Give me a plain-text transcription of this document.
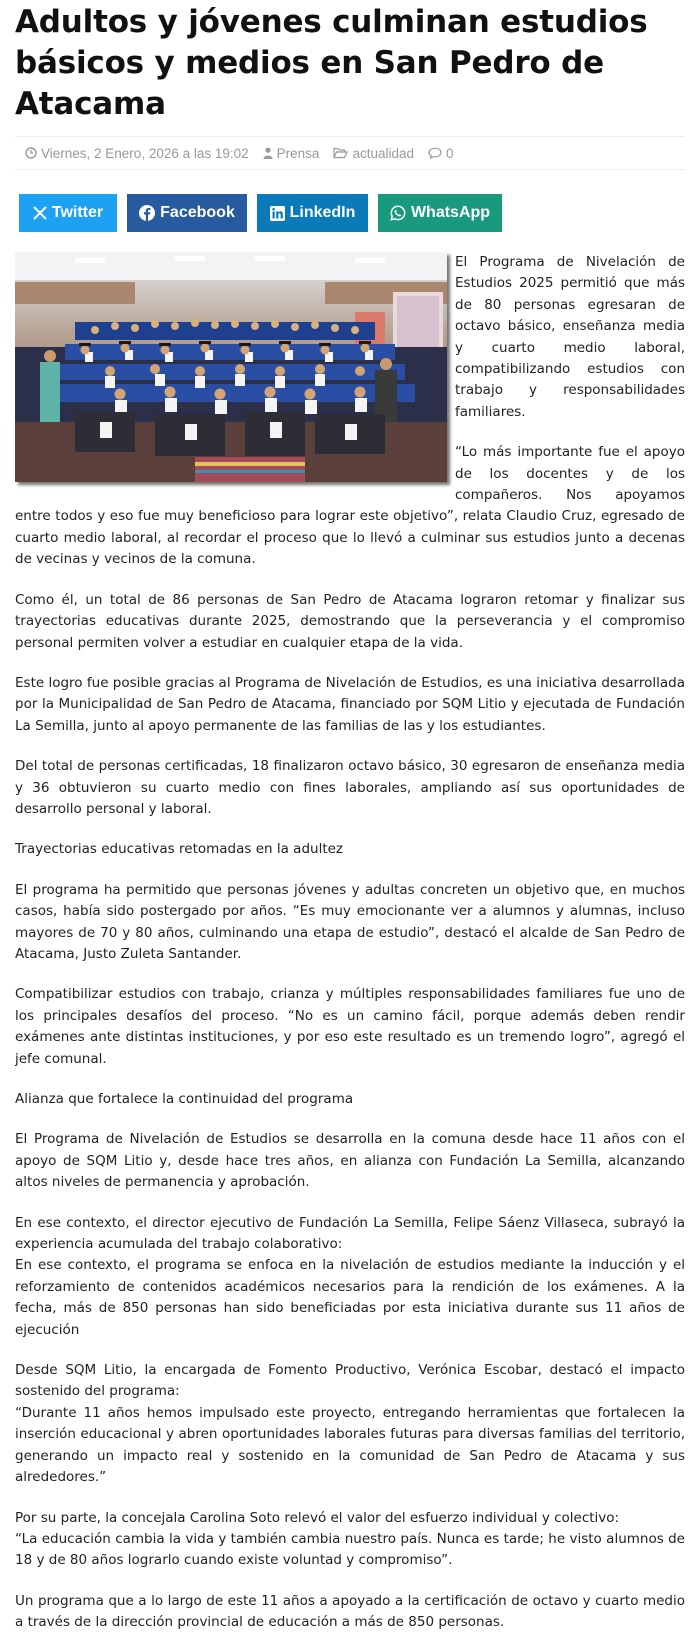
Adultos y jóvenes culminan estudios básicos y medios en San Pedro de Atacama
Viernes, 2 Enero, 2026 a las 19:02 Prensa actualidad 0
Twitter	Facebook	LinkedIn	WhatsApp

El Programa de Nivelación de Estudios 2025 permitió que más de 80 personas egresaran de octavo básico, enseñanza media y cuarto medio laboral, compatibilizando estudios con trabajo y responsabilidades familiares.

“Lo más importante fue el apoyo de los docentes y de los compañeros. Nos apoyamos entre todos y eso fue muy beneficioso para lograr este objetivo”, relata Claudio Cruz, egresado de cuarto medio laboral, al recordar el proceso que lo llevó a culminar sus estudios junto a decenas de vecinas y vecinos de la comuna.

Como él, un total de 86 personas de San Pedro de Atacama lograron retomar y finalizar sus trayectorias educativas durante 2025, demostrando que la perseverancia y el compromiso personal permiten volver a estudiar en cualquier etapa de la vida.

Este logro fue posible gracias al Programa de Nivelación de Estudios, es una iniciativa desarrollada por la Municipalidad de San Pedro de Atacama, financiado por SQM Litio y ejecutada de Fundación La Semilla, junto al apoyo permanente de las familias de las y los estudiantes.

Del total de personas certificadas, 18 finalizaron octavo básico, 30 egresaron de enseñanza media y 36 obtuvieron su cuarto medio con fines laborales, ampliando así sus oportunidades de desarrollo personal y laboral.

Trayectorias educativas retomadas en la adultez

El programa ha permitido que personas jóvenes y adultas concreten un objetivo que, en muchos casos, había sido postergado por años. “Es muy emocionante ver a alumnos y alumnas, incluso mayores de 70 y 80 años, culminando una etapa de estudio”, destacó el alcalde de San Pedro de Atacama, Justo Zuleta Santander.

Compatibilizar estudios con trabajo, crianza y múltiples responsabilidades familiares fue uno de los principales desafíos del proceso. “No es un camino fácil, porque además deben rendir exámenes ante distintas instituciones, y por eso este resultado es un tremendo logro”, agregó el jefe comunal.

Alianza que fortalece la continuidad del programa

El Programa de Nivelación de Estudios se desarrolla en la comuna desde hace 11 años con el apoyo de SQM Litio y, desde hace tres años, en alianza con Fundación La Semilla, alcanzando altos niveles de permanencia y aprobación.

En ese contexto, el director ejecutivo de Fundación La Semilla, Felipe Sáenz Villaseca, subrayó la experiencia acumulada del trabajo colaborativo:

En ese contexto, el programa se enfoca en la nivelación de estudios mediante la inducción y el reforzamiento de contenidos académicos necesarios para la rendición de los exámenes. A la fecha, más de 850 personas han sido beneficiadas por esta iniciativa durante sus 11 años de ejecución

Desde SQM Litio, la encargada de Fomento Productivo, Verónica Escobar, destacó el impacto sostenido del programa:

“Durante 11 años hemos impulsado este proyecto, entregando herramientas que fortalecen la inserción educacional y abren oportunidades laborales futuras para diversas familias del territorio, generando un impacto real y sostenido en la comunidad de San Pedro de Atacama y sus alrededores.”

Por su parte, la concejala Carolina Soto relevó el valor del esfuerzo individual y colectivo:

“La educación cambia la vida y también cambia nuestro país. Nunca es tarde; he visto alumnos de 18 y de 80 años lograrlo cuando existe voluntad y compromiso”.

Un programa que a lo largo de este 11 años a apoyado a la certificación de octavo y cuarto medio a través de la dirección provincial de educación a más de 850 personas.
